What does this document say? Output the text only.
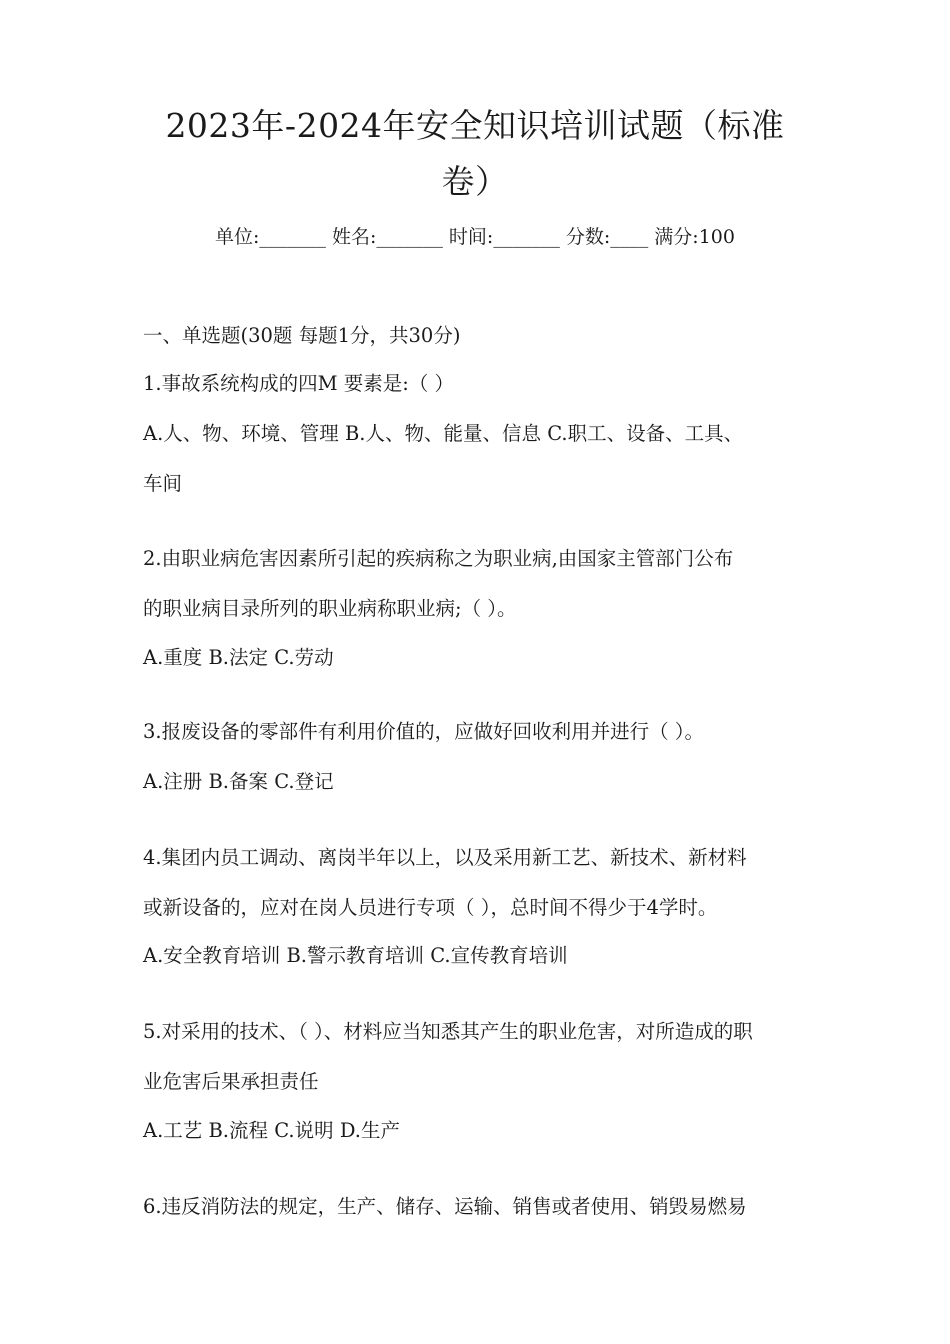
2023年-2024年安全知识培训试题（标准
卷）
单位:_______ 姓名:_______ 时间:_______ 分数:____ 满分:100
一、单选题(30题 每题1分，共30分)
1.事故系统构成的四M 要素是:（ ）
A.人、物、环境、管理 B.人、物、能量、信息 C.职工、设备、工具、
车间
2.由职业病危害因素所引起的疾病称之为职业病,由国家主管部门公布
的职业病目录所列的职业病称职业病;（ ）。
A.重度 B.法定 C.劳动
3.报废设备的零部件有利用价值的，应做好回收利用并进行（ ）。
A.注册 B.备案 C.登记
4.集团内员工调动、离岗半年以上，以及采用新工艺、新技术、新材料
或新设备的，应对在岗人员进行专项（ ），总时间不得少于4学时。
A.安全教育培训 B.警示教育培训 C.宣传教育培训
5.对采用的技术、（ ）、材料应当知悉其产生的职业危害，对所造成的职
业危害后果承担责任
A.工艺 B.流程 C.说明 D.生产
6.违反消防法的规定，生产、储存、运输、销售或者使用、销毁易燃易
